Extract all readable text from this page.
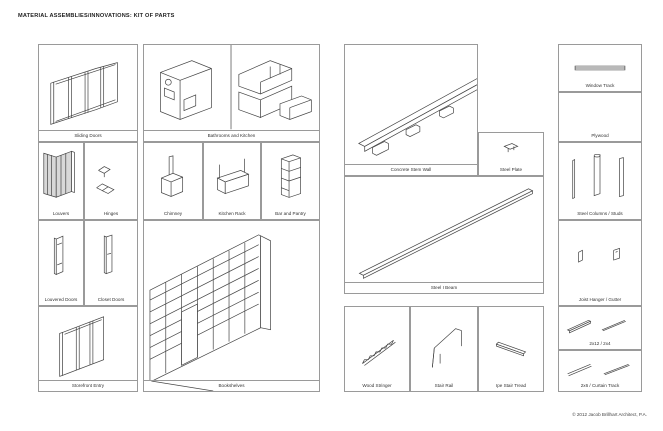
MATERIAL ASSEMBLIES/INNOVATIONS: KIT OF PARTS
Sliding Doors
Louvers	Hinges
Louvered Doors	Closet Doors
Storefront Entry
Bathrooms and Kitchen
Chimney	Kitchen Rack	Bar and Pantry
Bookshelves
Concrete Stem Wall	Steel Plate
Steel I Beam
Wood Stringer	Stair Rail	Ipe Stair Tread
Window Track
Plywood
Steel Columns / Studs
Joist Hanger / Gutter
2x12 / 2x4
2x6 / Curtain Track
© 2012 Jacob Brillhart Architect, P.A.
